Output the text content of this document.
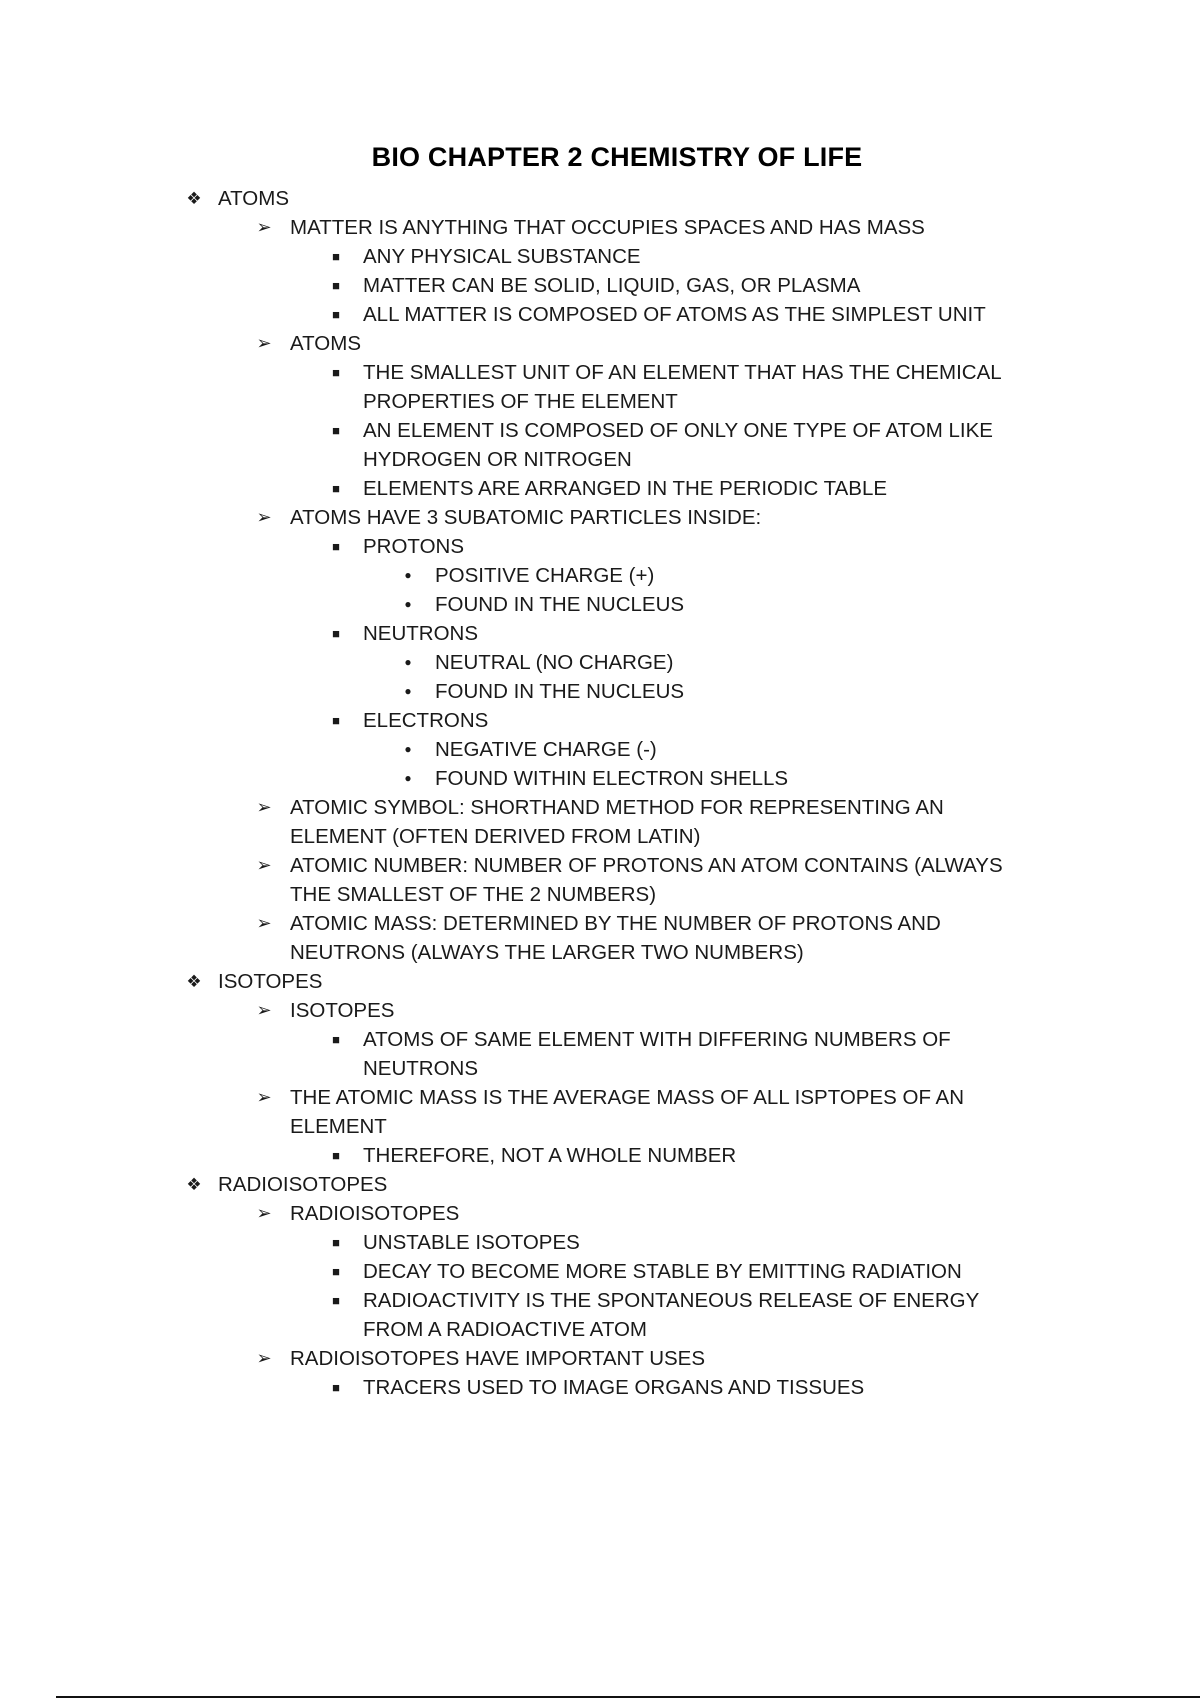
BIO CHAPTER 2 CHEMISTRY OF LIFE
❖ ATOMS
➢ MATTER IS ANYTHING THAT OCCUPIES SPACES AND HAS MASS
■ ANY PHYSICAL SUBSTANCE
■ MATTER CAN BE SOLID, LIQUID, GAS, OR PLASMA
■ ALL MATTER IS COMPOSED OF ATOMS AS THE SIMPLEST UNIT
➢ ATOMS
■ THE SMALLEST UNIT OF AN ELEMENT THAT HAS THE CHEMICAL
PROPERTIES OF THE ELEMENT
■ AN ELEMENT IS COMPOSED OF ONLY ONE TYPE OF ATOM LIKE
HYDROGEN OR NITROGEN
■ ELEMENTS ARE ARRANGED IN THE PERIODIC TABLE
➢ ATOMS HAVE 3 SUBATOMIC PARTICLES INSIDE:
■ PROTONS
●	POSITIVE CHARGE (+)
●	FOUND IN THE NUCLEUS
■ NEUTRONS
●	NEUTRAL (NO CHARGE)
●	FOUND IN THE NUCLEUS
■ ELECTRONS
●	NEGATIVE CHARGE (-)
●	FOUND WITHIN ELECTRON SHELLS
➢ ATOMIC SYMBOL: SHORTHAND METHOD FOR REPRESENTING AN
ELEMENT (OFTEN DERIVED FROM LATIN)
➢ ATOMIC NUMBER: NUMBER OF PROTONS AN ATOM CONTAINS (ALWAYS
THE SMALLEST OF THE 2 NUMBERS)
➢ ATOMIC MASS: DETERMINED BY THE NUMBER OF PROTONS AND
NEUTRONS (ALWAYS THE LARGER TWO NUMBERS)
❖ ISOTOPES
➢ ISOTOPES
■ ATOMS OF SAME ELEMENT WITH DIFFERING NUMBERS OF
NEUTRONS
➢ THE ATOMIC MASS IS THE AVERAGE MASS OF ALL ISPTOPES OF AN
ELEMENT
■ THEREFORE, NOT A WHOLE NUMBER
❖ RADIOISOTOPES
➢ RADIOISOTOPES
■ UNSTABLE ISOTOPES
■ DECAY TO BECOME MORE STABLE BY EMITTING RADIATION
■ RADIOACTIVITY IS THE SPONTANEOUS RELEASE OF ENERGY
FROM A RADIOACTIVE ATOM
➢ RADIOISOTOPES HAVE IMPORTANT USES
■ TRACERS USED TO IMAGE ORGANS AND TISSUES
